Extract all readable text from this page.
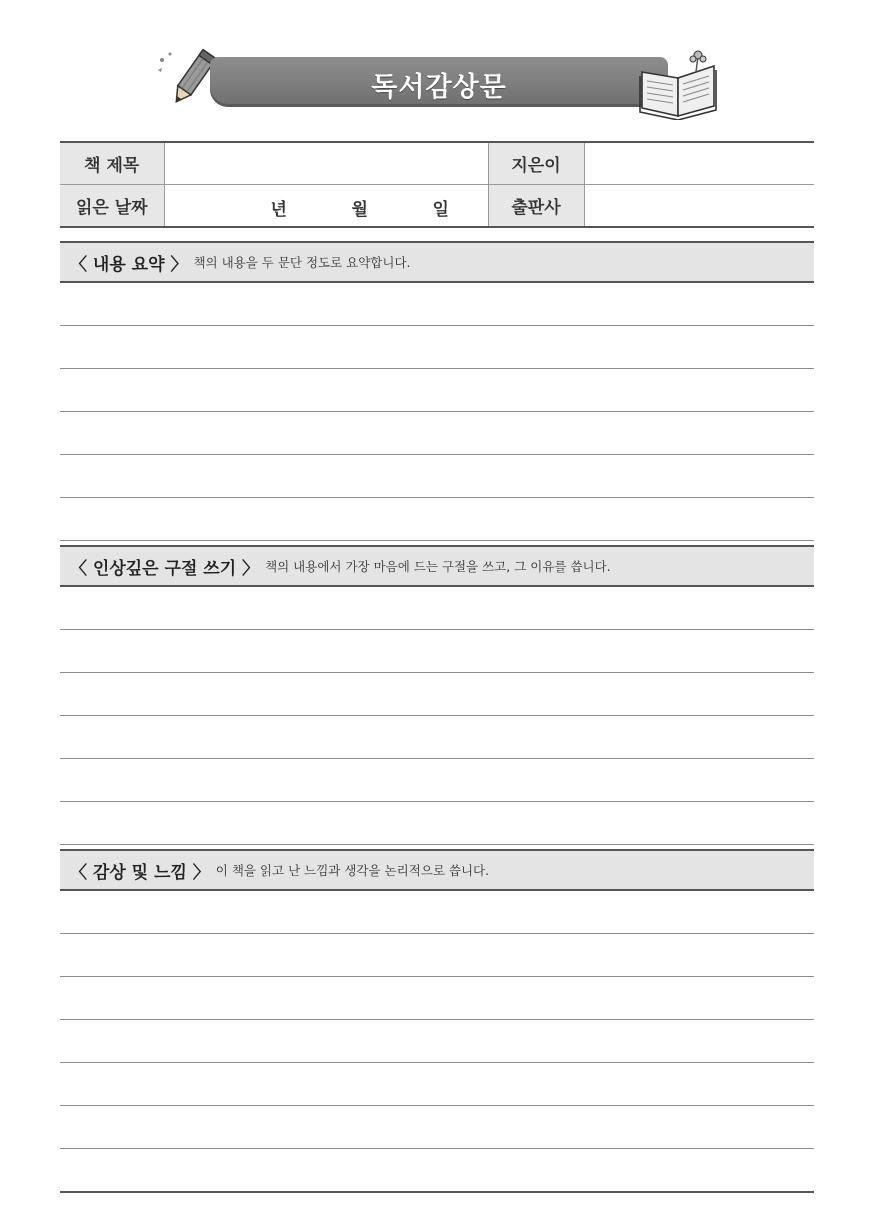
독서감상문
책 제목		지은이	
읽은 날짜	년 월 일	출판사	
〈 내용 요약 〉 책의 내용을 두 문단 정도로 요약합니다.
〈 인상깊은 구절 쓰기 〉 책의 내용에서 가장 마음에 드는 구절을 쓰고, 그 이유를 씁니다.
〈 감상 및 느낌 〉 이 책을 읽고 난 느낌과 생각을 논리적으로 씁니다.
